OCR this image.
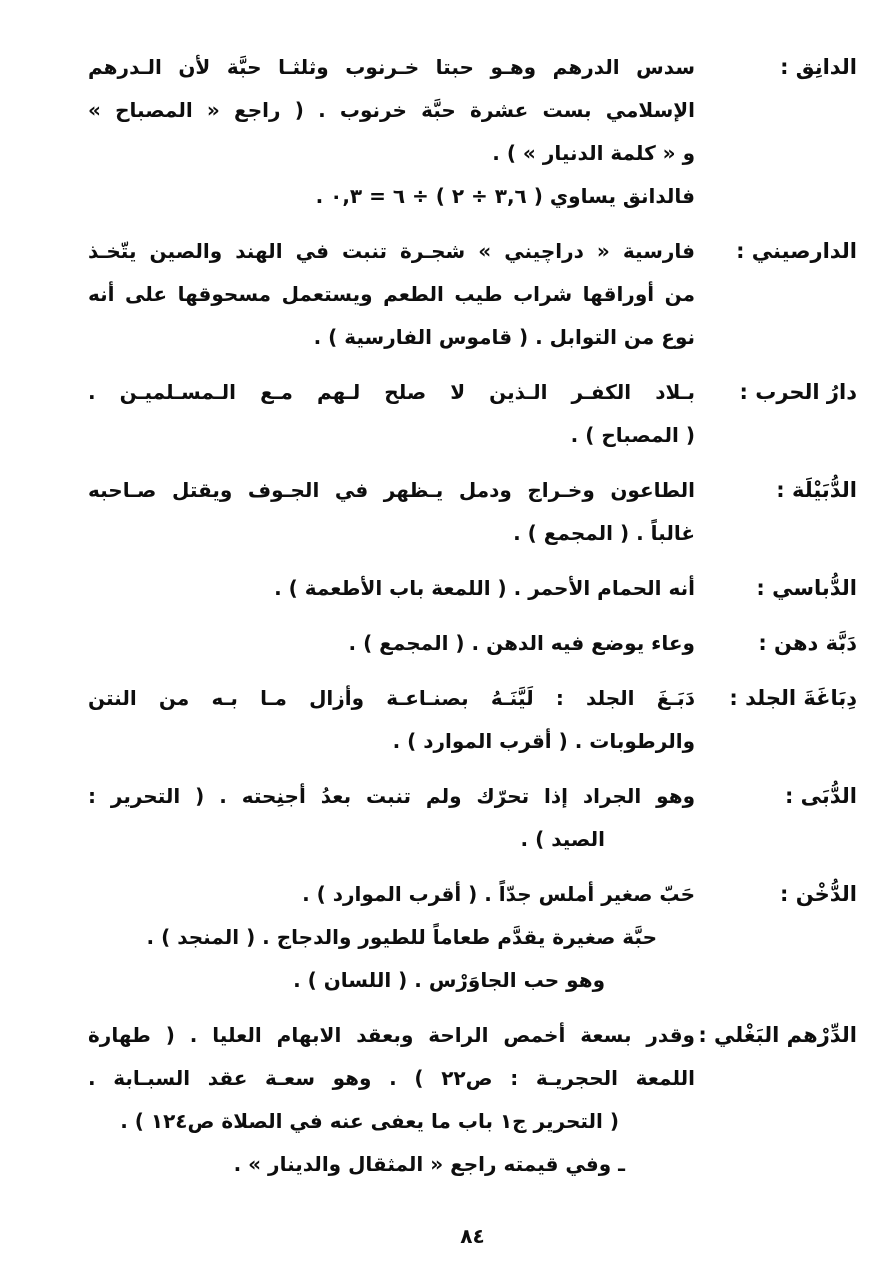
الدانِق :
سدس الدرهم وهـو حبتا خـرنوب وثلثـا حبَّة لأن الـدرهم
الإسلامي بست عشرة حبَّة خرنوب . ( راجع « المصباح »
و « كلمة الدنيار » ) .
فالدانق يساوي ( ٣,٦ ÷ ٢ ) ÷ ٦ = ٠,٣ .
الدارصيني :
فارسية « دراچيني » شجـرة تنبت في الهند والصين يتّخـذ
من أوراقها شراب طيب الطعم ويستعمل مسحوقها على أنه
نوع من التوابل . ( قاموس الفارسية ) .
دارُ الحرب :
بـلاد الكفـر الـذين لا صلح لـهم مـع الـمسـلميـن .
( المصباح ) .
الدُّبَيْلَة :
الطاعون وخـراج ودمل يـظهر في الجـوف ويقتل صـاحبه
غالباً . ( المجمع ) .
الدُّباسي :
أنه الحمام الأحمر . ( اللمعة باب الأطعمة ) .
دَبَّة دهن :
وعاء يوضع فيه الدهن . ( المجمع ) .
دِبَاغَةَ الجلد :
دَبَـغَ الجلد : لَيَّنَـهُ بصنـاعـة وأزال مـا بـه من النتن
والرطوبات . ( أقرب الموارد ) .
الدُّبَى :
وهو الجراد إذا تحرّك ولم تنبت بعدُ أجنِحته . ( التحرير :
الصيد ) .
الدُّخْن :
حَبّ صغير أملس جدّاً . ( أقرب الموارد ) .
حبَّة صغيرة يقدَّم طعاماً للطيور والدجاج . ( المنجد ) .
وهو حب الجاوَرْس . ( اللسان ) .
الدِّرْهم البَغْلي :
وقدر بسعة أخمص الراحة وبعقد الابهام العليا . ( طهارة
اللمعة الحجريـة : ص٢٢ ) . وهو سعـة عقد السبـابة .
( التحرير ج١ باب ما يعفى عنه في الصلاة ص١٢٤ ) .
ـ وفي قيمته راجع « المثقال والدينار » .
٨٤
